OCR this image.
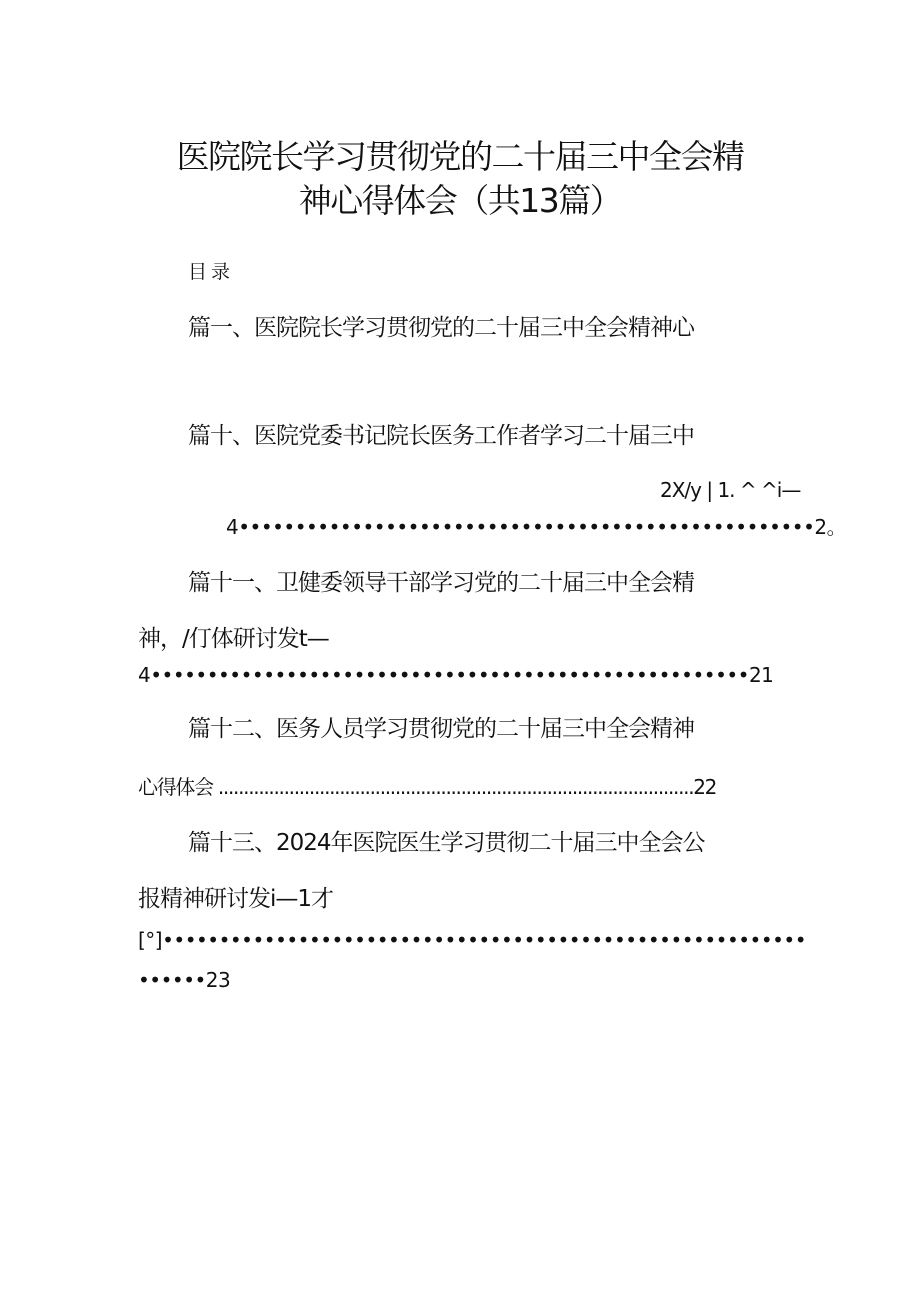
医院院长学习贯彻党的二十届三中全会精
神心得体会（共13篇）
目录
篇一、医院院长学习贯彻党的二十届三中全会精神心
篇十、医院党委书记院长医务工作者学习二十届三中
2X/y | 1. ^ ^i—
4•••••••••••••••••••••••••••••••••••••••••••••••••••2。
篇十一、卫健委领导干部学习党的二十届三中全会精
神，/仃体研讨发t—
4•••••••••••••••••••••••••••••••••••••••••••••••••••••21
篇十二、医务人员学习贯彻党的二十届三中全会精神
心得体会 ..............................................................................................22
篇十三、2024年医院医生学习贯彻二十届三中全会公
报精神研讨发i—1才
[°]•••••••••••••••••••••••••••••••••••••••••••••••••••••••••
••••••23
